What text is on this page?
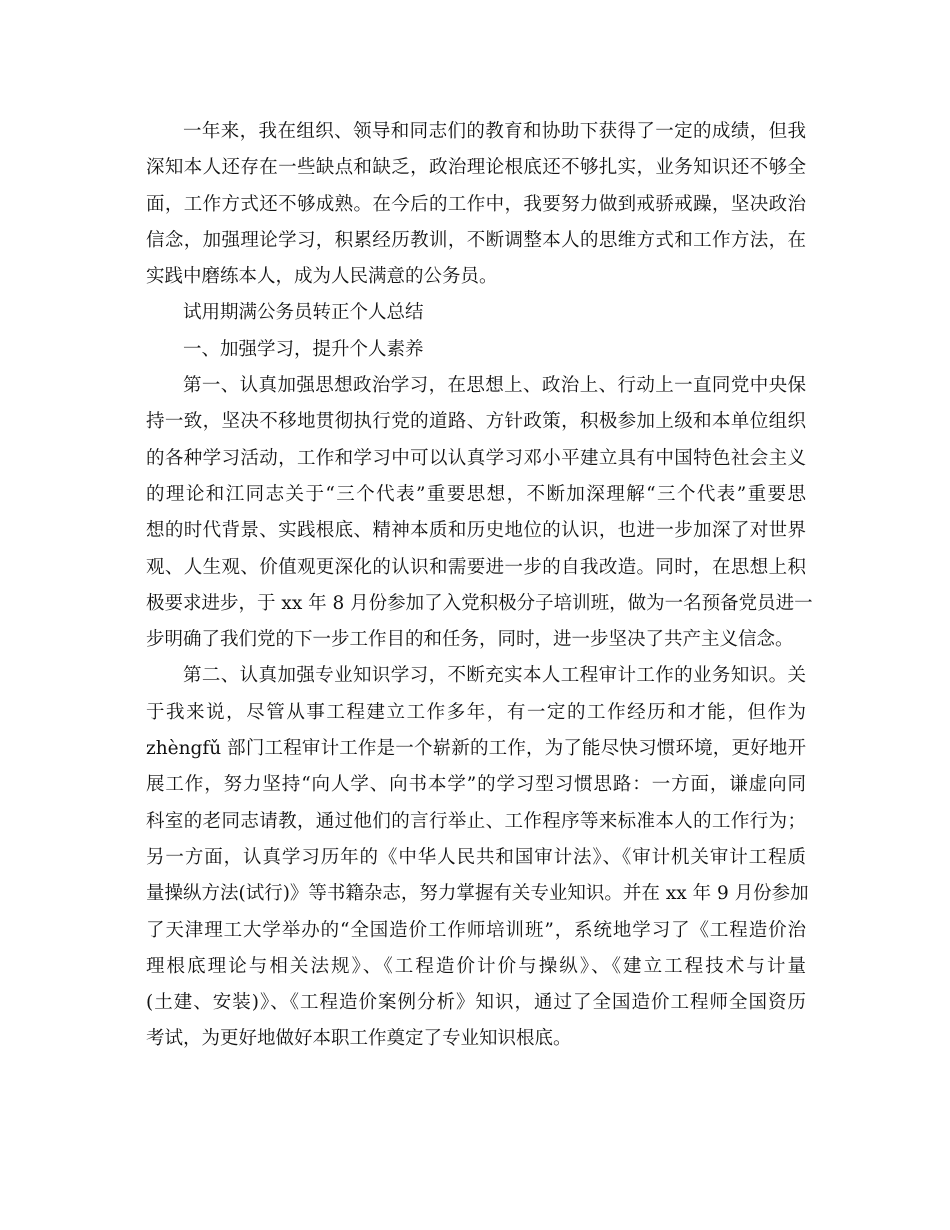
一年来，我在组织、领导和同志们的教育和协助下获得了一定的成绩，但我
深知本人还存在一些缺点和缺乏，政治理论根底还不够扎实，业务知识还不够全
面，工作方式还不够成熟。在今后的工作中，我要努力做到戒骄戒躁，坚决政治
信念，加强理论学习，积累经历教训，不断调整本人的思维方式和工作方法，在
实践中磨练本人，成为人民满意的公务员。
试用期满公务员转正个人总结
一、加强学习，提升个人素养
第一、认真加强思想政治学习，在思想上、政治上、行动上一直同党中央保
持一致，坚决不移地贯彻执行党的道路、方针政策，积极参加上级和本单位组织
的各种学习活动，工作和学习中可以认真学习邓小平建立具有中国特色社会主义
的理论和江同志关于“三个代表”重要思想，不断加深理解“三个代表”重要思
想的时代背景、实践根底、精神本质和历史地位的认识，也进一步加深了对世界
观、人生观、价值观更深化的认识和需要进一步的自我改造。同时，在思想上积
极要求进步，于 xx 年 8 月份参加了入党积极分子培训班，做为一名预备党员进一
步明确了我们党的下一步工作目的和任务，同时，进一步坚决了共产主义信念。
第二、认真加强专业知识学习，不断充实本人工程审计工作的业务知识。关
于我来说，尽管从事工程建立工作多年，有一定的工作经历和才能，但作为
zhèngfǔ 部门工程审计工作是一个崭新的工作，为了能尽快习惯环境，更好地开
展工作，努力坚持“向人学、向书本学”的学习型习惯思路：一方面，谦虚向同
科室的老同志请教，通过他们的言行举止、工作程序等来标准本人的工作行为；
另一方面，认真学习历年的《中华人民共和国审计法》、《审计机关审计工程质
量操纵方法(试行)》等书籍杂志，努力掌握有关专业知识。并在 xx 年 9 月份参加
了天津理工大学举办的“全国造价工作师培训班”，系统地学习了《工程造价治
理根底理论与相关法规》、《工程造价计价与操纵》、《建立工程技术与计量
(土建、安装)》、《工程造价案例分析》知识，通过了全国造价工程师全国资历
考试，为更好地做好本职工作奠定了专业知识根底。
